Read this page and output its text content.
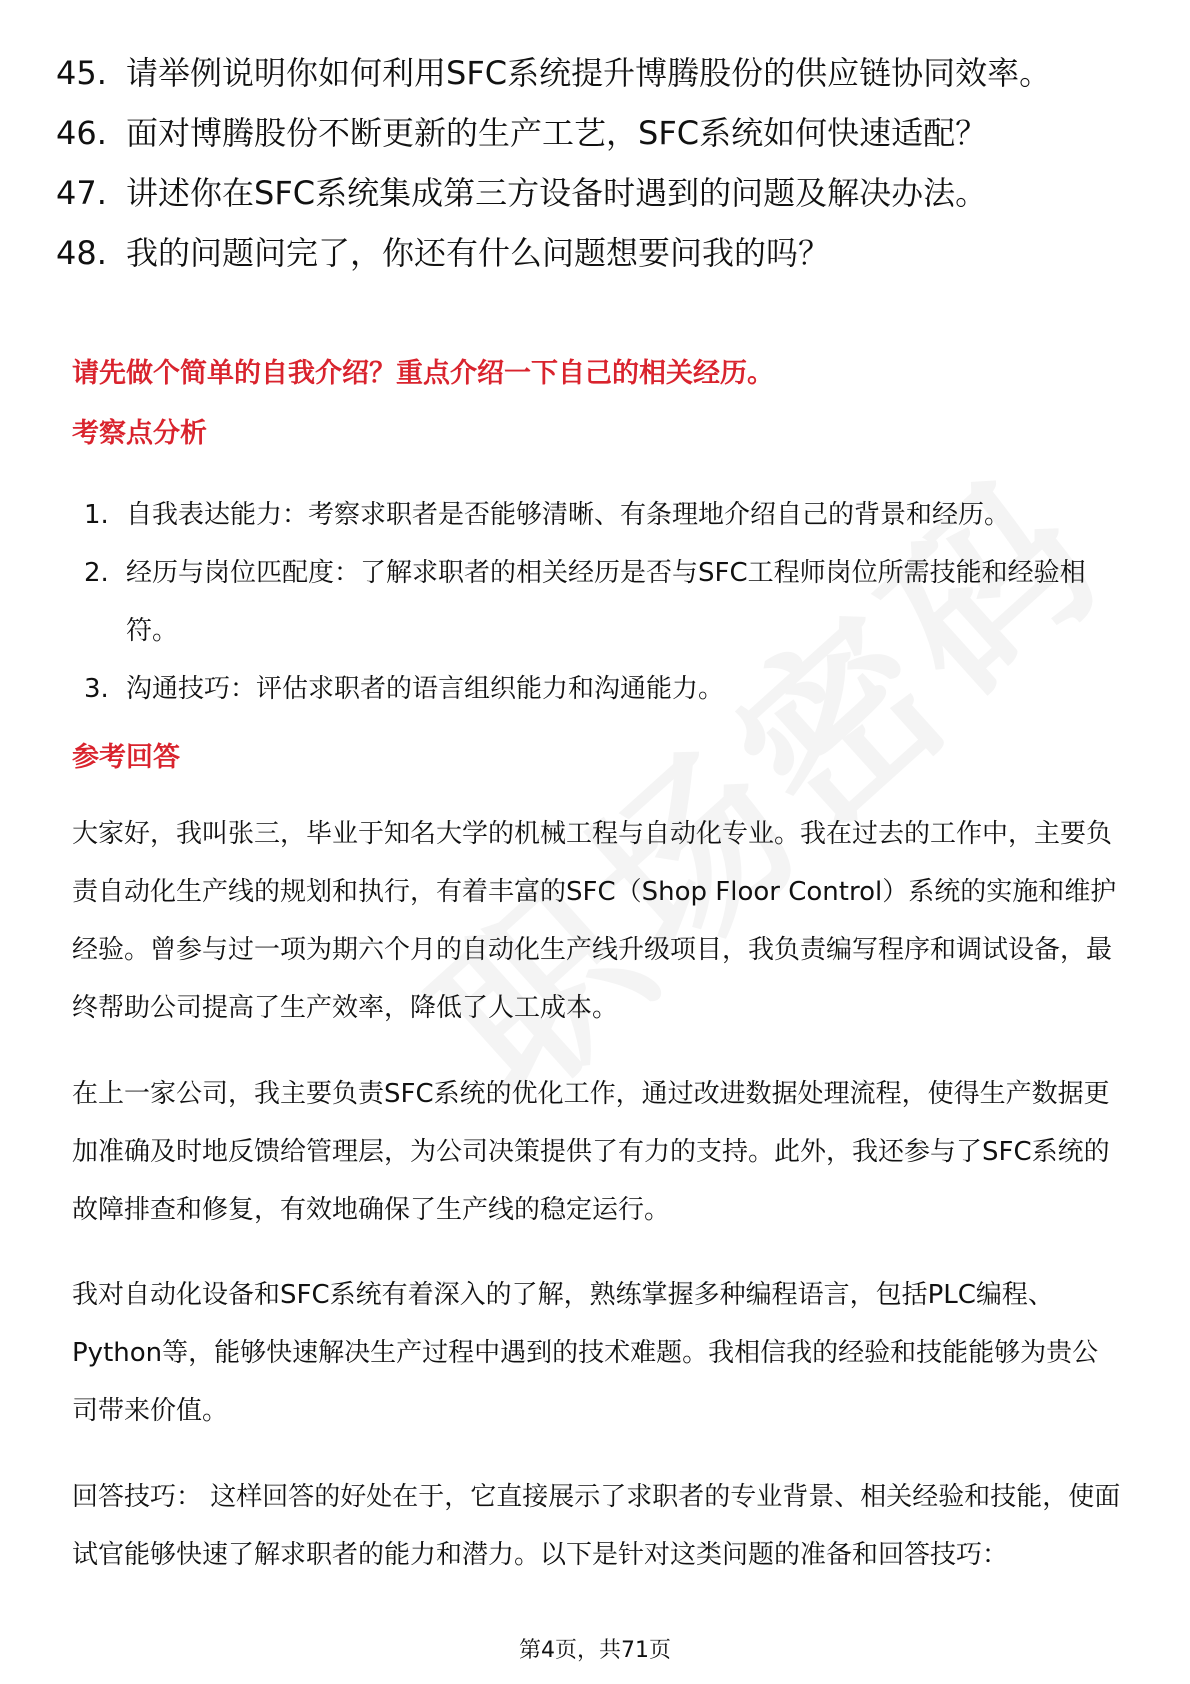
45. 请举例说明你如何利用SFC系统提升博腾股份的供应链协同效率。
46. 面对博腾股份不断更新的生产工艺，SFC系统如何快速适配？
47. 讲述你在SFC系统集成第三方设备时遇到的问题及解决办法。
48. 我的问题问完了，你还有什么问题想要问我的吗？
请先做个简单的自我介绍？重点介绍一下自己的相关经历。
考察点分析
1. 自我表达能力：考察求职者是否能够清晰、有条理地介绍自己的背景和经历。
2. 经历与岗位匹配度：了解求职者的相关经历是否与SFC工程师岗位所需技能和经验相符。
3. 沟通技巧：评估求职者的语言组织能力和沟通能力。
参考回答

大家好，我叫张三，毕业于知名大学的机械工程与自动化专业。我在过去的工作中，主要负责自动化生产线的规划和执行，有着丰富的SFC（Shop Floor Control）系统的实施和维护经验。曾参与过一项为期六个月的自动化生产线升级项目，我负责编写程序和调试设备，最终帮助公司提高了生产效率，降低了人工成本。

在上一家公司，我主要负责SFC系统的优化工作，通过改进数据处理流程，使得生产数据更加准确及时地反馈给管理层，为公司决策提供了有力的支持。此外，我还参与了SFC系统的故障排查和修复，有效地确保了生产线的稳定运行。

我对自动化设备和SFC系统有着深入的了解，熟练掌握多种编程语言，包括PLC编程、Python等，能够快速解决生产过程中遇到的技术难题。我相信我的经验和技能能够为贵公司带来价值。

回答技巧： 这样回答的好处在于，它直接展示了求职者的专业背景、相关经验和技能，使面试官能够快速了解求职者的能力和潜力。以下是针对这类问题的准备和回答技巧：

第4页，共71页
